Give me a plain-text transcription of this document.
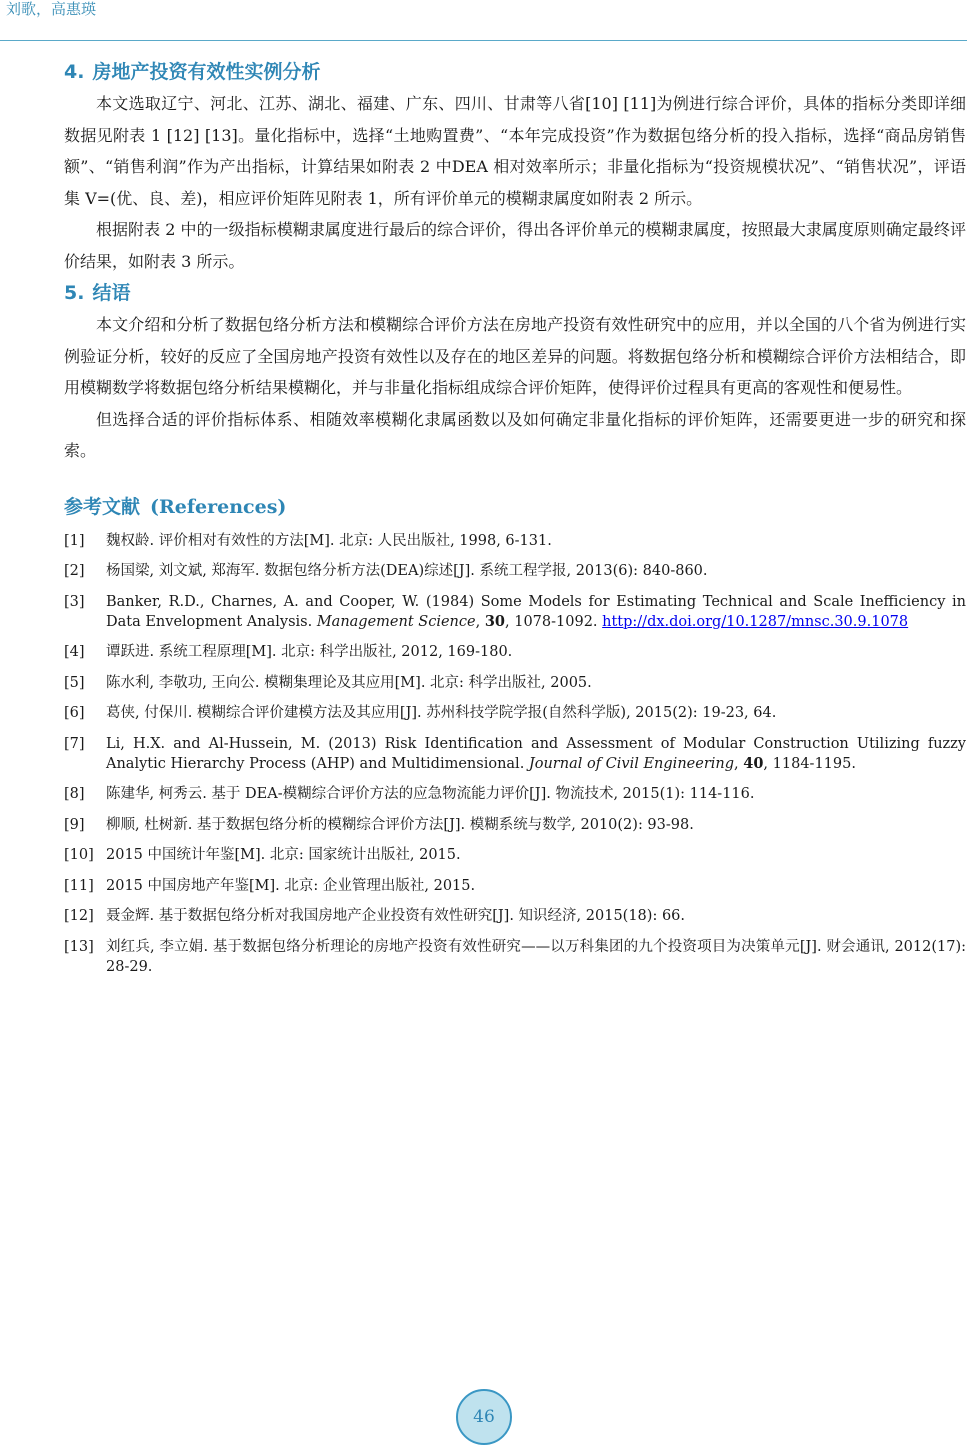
刘歌，高惠瑛
4. 房地产投资有效性实例分析

本文选取辽宁、河北、江苏、湖北、福建、广东、四川、甘肃等八省[10] [11]为例进行综合评价，具体的指标分类即详细数据见附表 1 [12] [13]。量化指标中，选择“土地购置费”、“本年完成投资”作为数据包络分析的投入指标，选择“商品房销售额”、“销售利润”作为产出指标，计算结果如附表 2 中DEA 相对效率所示；非量化指标为“投资规模状况”、“销售状况”，评语集 V=(优、良、差)，相应评价矩阵见附表 1，所有评价单元的模糊隶属度如附表 2 所示。

根据附表 2 中的一级指标模糊隶属度进行最后的综合评价，得出各评价单元的模糊隶属度，按照最大隶属度原则确定最终评价结果，如附表 3 所示。

5. 结语

本文介绍和分析了数据包络分析方法和模糊综合评价方法在房地产投资有效性研究中的应用，并以全国的八个省为例进行实例验证分析，较好的反应了全国房地产投资有效性以及存在的地区差异的问题。将数据包络分析和模糊综合评价方法相结合，即用模糊数学将数据包络分析结果模糊化，并与非量化指标组成综合评价矩阵，使得评价过程具有更高的客观性和便易性。

但选择合适的评价指标体系、相随效率模糊化隶属函数以及如何确定非量化指标的评价矩阵，还需要更进一步的研究和探索。

参考文献 (References)
[1] 魏权龄. 评价相对有效性的方法[M]. 北京: 人民出版社, 1998, 6-131.
[2] 杨国梁, 刘文斌, 郑海军. 数据包络分析方法(DEA)综述[J]. 系统工程学报, 2013(6): 840-860.
[3] Banker, R.D., Charnes, A. and Cooper, W. (1984) Some Models for Estimating Technical and Scale Inefficiency in Data Envelopment Analysis. Management Science, 30, 1078-1092. http://dx.doi.org/10.1287/mnsc.30.9.1078
[4] 谭跃进. 系统工程原理[M]. 北京: 科学出版社, 2012, 169-180.
[5] 陈水利, 李敬功, 王向公. 模糊集理论及其应用[M]. 北京: 科学出版社, 2005.
[6] 葛侠, 付保川. 模糊综合评价建模方法及其应用[J]. 苏州科技学院学报(自然科学版), 2015(2): 19-23, 64.
[7] Li, H.X. and Al-Hussein, M. (2013) Risk Identification and Assessment of Modular Construction Utilizing fuzzy Analytic Hierarchy Process (AHP) and Multidimensional. Journal of Civil Engineering, 40, 1184-1195.
[8] 陈建华, 柯秀云. 基于 DEA-模糊综合评价方法的应急物流能力评价[J]. 物流技术, 2015(1): 114-116.
[9] 柳顺, 杜树新. 基于数据包络分析的模糊综合评价方法[J]. 模糊系统与数学, 2010(2): 93-98.
[10] 2015 中国统计年鉴[M]. 北京: 国家统计出版社, 2015.
[11] 2015 中国房地产年鉴[M]. 北京: 企业管理出版社, 2015.
[12] 聂金辉. 基于数据包络分析对我国房地产企业投资有效性研究[J]. 知识经济, 2015(18): 66.
[13] 刘红兵, 李立娟. 基于数据包络分析理论的房地产投资有效性研究——以万科集团的九个投资项目为决策单元[J]. 财会通讯, 2012(17): 28-29.
46
